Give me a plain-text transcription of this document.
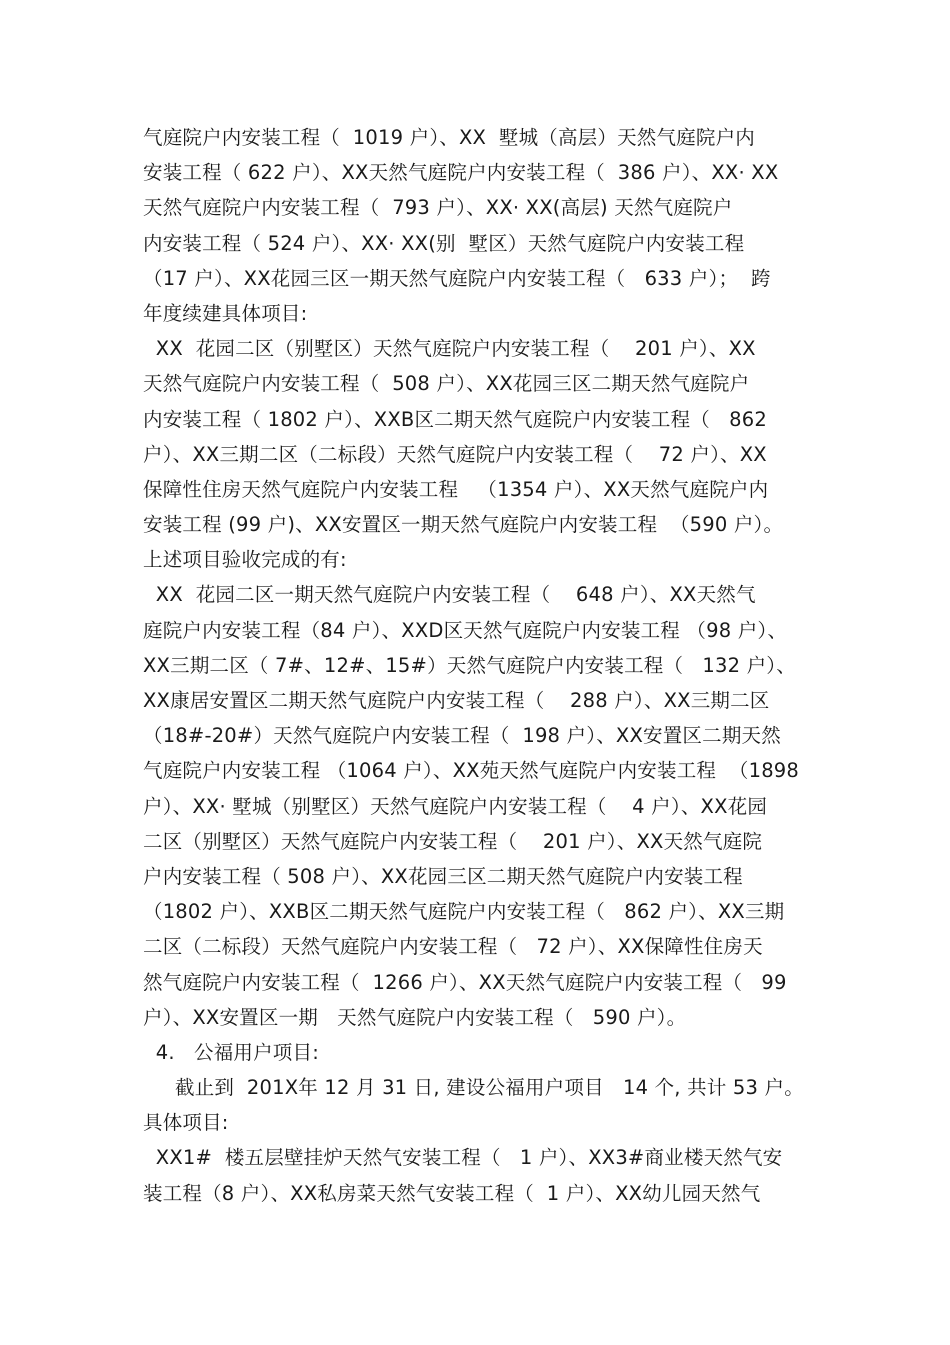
气庭院户内安装工程（  1019 户）、XX  墅城（高层）天然气庭院户内
安装工程（ 622 户）、XX天然气庭院户内安装工程（  386 户）、XX· XX
天然气庭院户内安装工程（  793 户）、XX· XX(高层) 天然气庭院户
内安装工程（ 524 户）、XX· XX(别  墅区）天然气庭院户内安装工程
（17 户）、XX花园三区一期天然气庭院户内安装工程（   633 户）；  跨
年度续建具体项目:
XX  花园二区（别墅区）天然气庭院户内安装工程（    201 户）、XX
天然气庭院户内安装工程（  508 户）、XX花园三区二期天然气庭院户
内安装工程（ 1802 户）、XXB区二期天然气庭院户内安装工程（   862
户）、XX三期二区（二标段）天然气庭院户内安装工程（    72 户）、XX
保障性住房天然气庭院户内安装工程   （1354 户）、XX天然气庭院户内
安装工程 (99 户)、XX安置区一期天然气庭院户内安装工程  （590 户）。
上述项目验收完成的有:
XX  花园二区一期天然气庭院户内安装工程（    648 户）、XX天然气
庭院户内安装工程（84 户）、XXD区天然气庭院户内安装工程 （98 户）、
XX三期二区（ 7#、12#、15#）天然气庭院户内安装工程（   132 户）、
XX康居安置区二期天然气庭院户内安装工程（    288 户）、XX三期二区
（18#-20#）天然气庭院户内安装工程（  198 户）、XX安置区二期天然
气庭院户内安装工程 （1064 户）、XX苑天然气庭院户内安装工程  （1898
户）、XX· 墅城（别墅区）天然气庭院户内安装工程（    4 户）、XX花园
二区（别墅区）天然气庭院户内安装工程（    201 户）、XX天然气庭院
户内安装工程（ 508 户）、XX花园三区二期天然气庭院户内安装工程
（1802 户）、XXB区二期天然气庭院户内安装工程（   862 户）、XX三期
二区（二标段）天然气庭院户内安装工程（   72 户）、XX保障性住房天
然气庭院户内安装工程（  1266 户）、XX天然气庭院户内安装工程（   99
户）、XX安置区一期   天然气庭院户内安装工程（   590 户）。
4.   公福用户项目:
截止到  201X年 12 月 31 日, 建设公福用户项目   14 个, 共计 53 户。
具体项目:
XX1#  楼五层壁挂炉天然气安装工程（   1 户）、XX3#商业楼天然气安
装工程（8 户）、XX私房菜天然气安装工程（  1 户）、XX幼儿园天然气
